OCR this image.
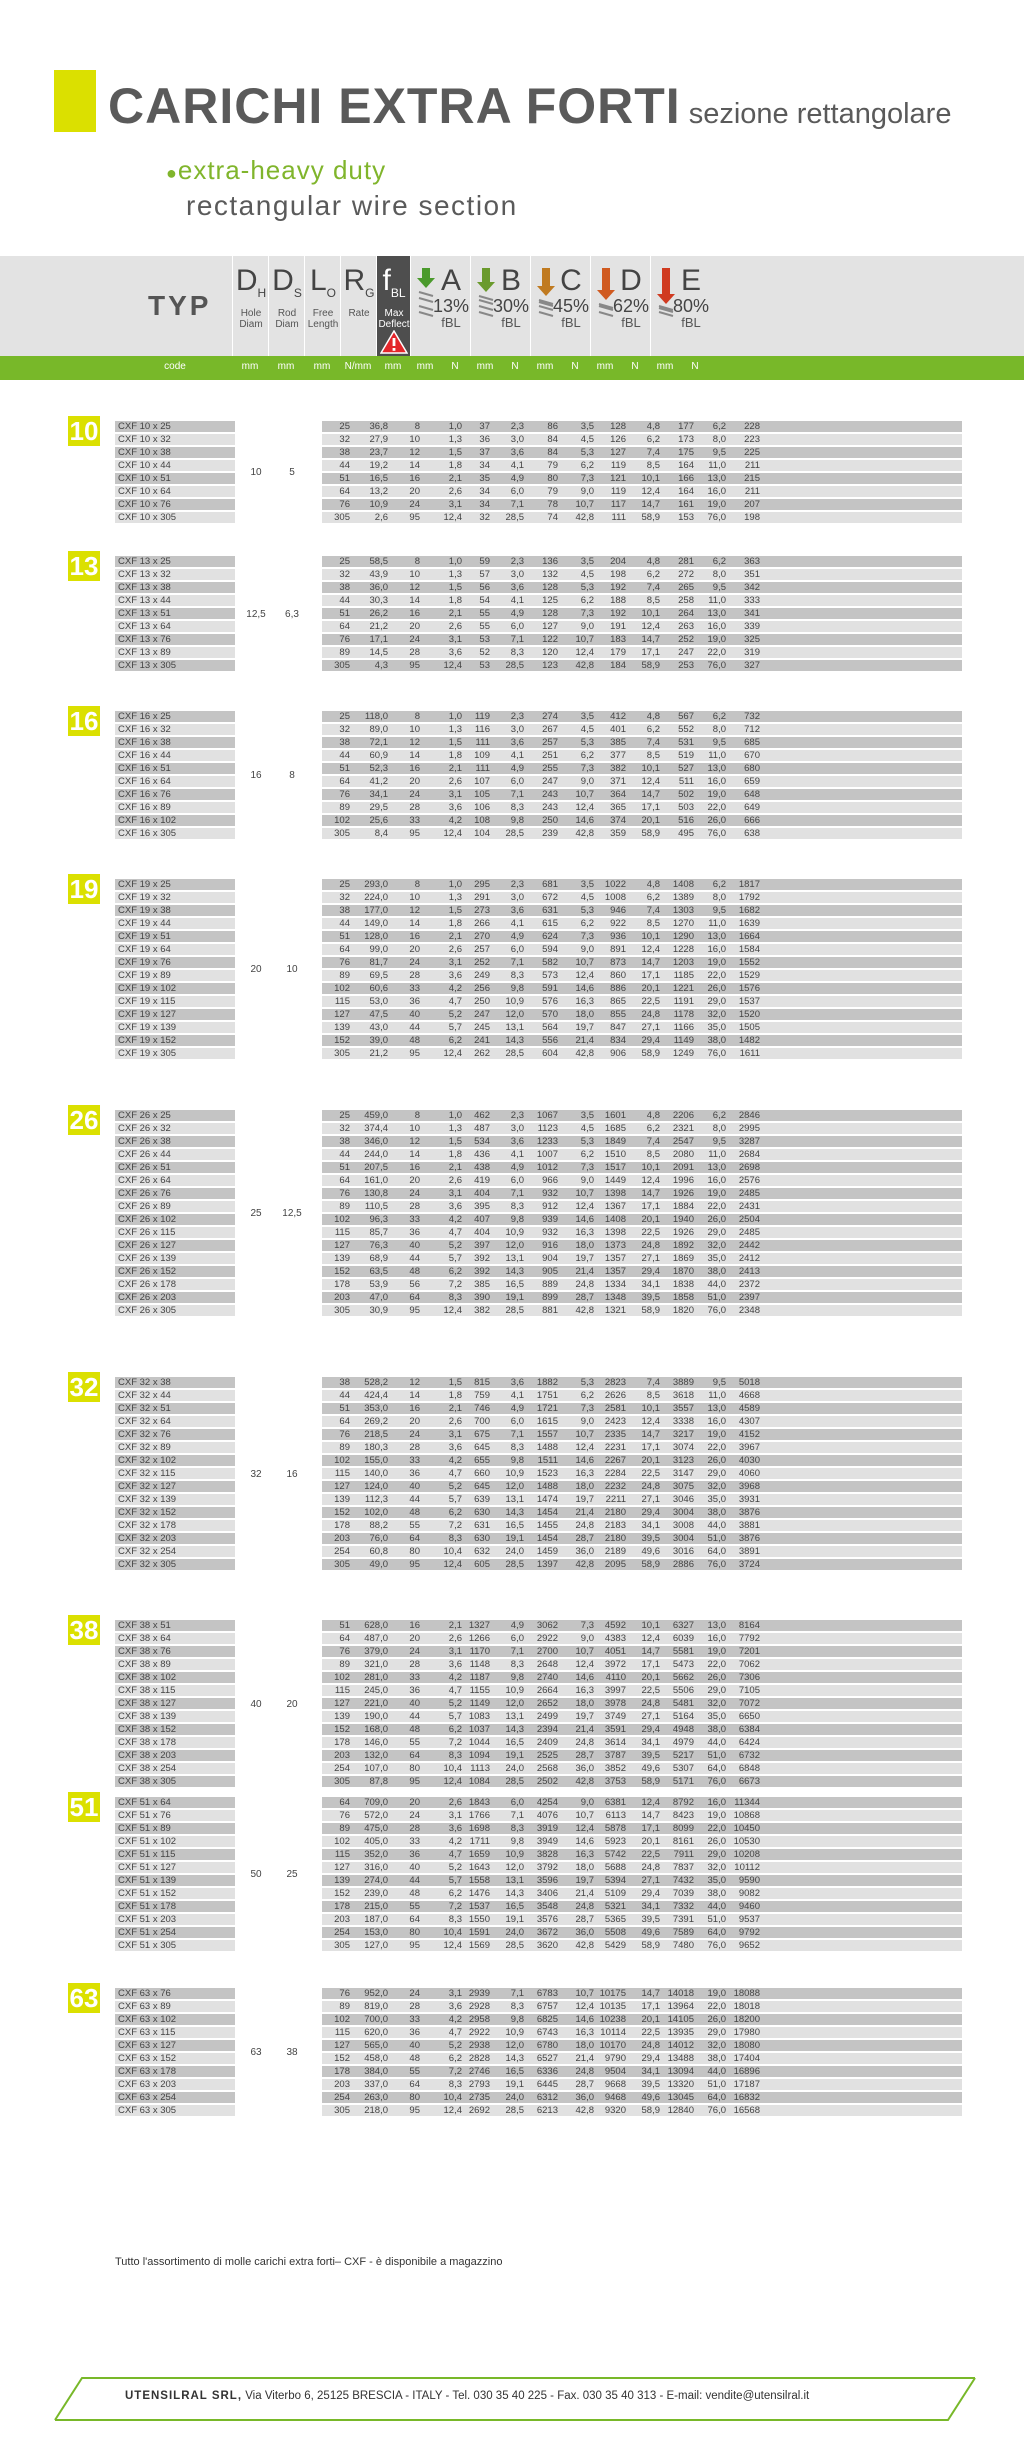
CARICHI EXTRA FORTI sezione rettangolare
●extra-heavy duty
rectangular wire section
TYP
$D_H$
Hole
Diam
$D_S$
Rod
Diam
$L_O$
Free
Length
$R_G$
Rate
$f_{BL}$
Max
Deflect
A
13%
fBL
B
30%
fBL
C
45%
fBL
D
62%
fBL
E
80%
fBL
code	mm	mm	mm	N/mm	mm	mm	N	mm	N	mm	N	mm	N	mm	N
10
10	5
CXF 10 x 25	25	36,8	8	1,0	37	2,3	86	3,5	128	4,8	177	6,2	228
CXF 10 x 32	32	27,9	10	1,3	36	3,0	84	4,5	126	6,2	173	8,0	223
CXF 10 x 38	38	23,7	12	1,5	37	3,6	84	5,3	127	7,4	175	9,5	225
CXF 10 x 44	44	19,2	14	1,8	34	4,1	79	6,2	119	8,5	164	11,0	211
CXF 10 x 51	51	16,5	16	2,1	35	4,9	80	7,3	121	10,1	166	13,0	215
CXF 10 x 64	64	13,2	20	2,6	34	6,0	79	9,0	119	12,4	164	16,0	211
CXF 10 x 76	76	10,9	24	3,1	34	7,1	78	10,7	117	14,7	161	19,0	207
CXF 10 x 305	305	2,6	95	12,4	32	28,5	74	42,8	111	58,9	153	76,0	198
13
12,5	6,3
CXF 13 x 25	25	58,5	8	1,0	59	2,3	136	3,5	204	4,8	281	6,2	363
CXF 13 x 32	32	43,9	10	1,3	57	3,0	132	4,5	198	6,2	272	8,0	351
CXF 13 x 38	38	36,0	12	1,5	56	3,6	128	5,3	192	7,4	265	9,5	342
CXF 13 x 44	44	30,3	14	1,8	54	4,1	125	6,2	188	8,5	258	11,0	333
CXF 13 x 51	51	26,2	16	2,1	55	4,9	128	7,3	192	10,1	264	13,0	341
CXF 13 x 64	64	21,2	20	2,6	55	6,0	127	9,0	191	12,4	263	16,0	339
CXF 13 x 76	76	17,1	24	3,1	53	7,1	122	10,7	183	14,7	252	19,0	325
CXF 13 x 89	89	14,5	28	3,6	52	8,3	120	12,4	179	17,1	247	22,0	319
CXF 13 x 305	305	4,3	95	12,4	53	28,5	123	42,8	184	58,9	253	76,0	327
16
16	8
CXF 16 x 25	25	118,0	8	1,0	119	2,3	274	3,5	412	4,8	567	6,2	732
CXF 16 x 32	32	89,0	10	1,3	116	3,0	267	4,5	401	6,2	552	8,0	712
CXF 16 x 38	38	72,1	12	1,5	111	3,6	257	5,3	385	7,4	531	9,5	685
CXF 16 x 44	44	60,9	14	1,8	109	4,1	251	6,2	377	8,5	519	11,0	670
CXF 16 x 51	51	52,3	16	2,1	111	4,9	255	7,3	382	10,1	527	13,0	680
CXF 16 x 64	64	41,2	20	2,6	107	6,0	247	9,0	371	12,4	511	16,0	659
CXF 16 x 76	76	34,1	24	3,1	105	7,1	243	10,7	364	14,7	502	19,0	648
CXF 16 x 89	89	29,5	28	3,6	106	8,3	243	12,4	365	17,1	503	22,0	649
CXF 16 x 102	102	25,6	33	4,2	108	9,8	250	14,6	374	20,1	516	26,0	666
CXF 16 x 305	305	8,4	95	12,4	104	28,5	239	42,8	359	58,9	495	76,0	638
19
20	10
CXF 19 x 25	25	293,0	8	1,0	295	2,3	681	3,5	1022	4,8	1408	6,2	1817
CXF 19 x 32	32	224,0	10	1,3	291	3,0	672	4,5	1008	6,2	1389	8,0	1792
CXF 19 x 38	38	177,0	12	1,5	273	3,6	631	5,3	946	7,4	1303	9,5	1682
CXF 19 x 44	44	149,0	14	1,8	266	4,1	615	6,2	922	8,5	1270	11,0	1639
CXF 19 x 51	51	128,0	16	2,1	270	4,9	624	7,3	936	10,1	1290	13,0	1664
CXF 19 x 64	64	99,0	20	2,6	257	6,0	594	9,0	891	12,4	1228	16,0	1584
CXF 19 x 76	76	81,7	24	3,1	252	7,1	582	10,7	873	14,7	1203	19,0	1552
CXF 19 x 89	89	69,5	28	3,6	249	8,3	573	12,4	860	17,1	1185	22,0	1529
CXF 19 x 102	102	60,6	33	4,2	256	9,8	591	14,6	886	20,1	1221	26,0	1576
CXF 19 x 115	115	53,0	36	4,7	250	10,9	576	16,3	865	22,5	1191	29,0	1537
CXF 19 x 127	127	47,5	40	5,2	247	12,0	570	18,0	855	24,8	1178	32,0	1520
CXF 19 x 139	139	43,0	44	5,7	245	13,1	564	19,7	847	27,1	1166	35,0	1505
CXF 19 x 152	152	39,0	48	6,2	241	14,3	556	21,4	834	29,4	1149	38,0	1482
CXF 19 x 305	305	21,2	95	12,4	262	28,5	604	42,8	906	58,9	1249	76,0	1611
26
25	12,5
CXF 26 x 25	25	459,0	8	1,0	462	2,3	1067	3,5	1601	4,8	2206	6,2	2846
CXF 26 x 32	32	374,4	10	1,3	487	3,0	1123	4,5	1685	6,2	2321	8,0	2995
CXF 26 x 38	38	346,0	12	1,5	534	3,6	1233	5,3	1849	7,4	2547	9,5	3287
CXF 26 x 44	44	244,0	14	1,8	436	4,1	1007	6,2	1510	8,5	2080	11,0	2684
CXF 26 x 51	51	207,5	16	2,1	438	4,9	1012	7,3	1517	10,1	2091	13,0	2698
CXF 26 x 64	64	161,0	20	2,6	419	6,0	966	9,0	1449	12,4	1996	16,0	2576
CXF 26 x 76	76	130,8	24	3,1	404	7,1	932	10,7	1398	14,7	1926	19,0	2485
CXF 26 x 89	89	110,5	28	3,6	395	8,3	912	12,4	1367	17,1	1884	22,0	2431
CXF 26 x 102	102	96,3	33	4,2	407	9,8	939	14,6	1408	20,1	1940	26,0	2504
CXF 26 x 115	115	85,7	36	4,7	404	10,9	932	16,3	1398	22,5	1926	29,0	2485
CXF 26 x 127	127	76,3	40	5,2	397	12,0	916	18,0	1373	24,8	1892	32,0	2442
CXF 26 x 139	139	68,9	44	5,7	392	13,1	904	19,7	1357	27,1	1869	35,0	2412
CXF 26 x 152	152	63,5	48	6,2	392	14,3	905	21,4	1357	29,4	1870	38,0	2413
CXF 26 x 178	178	53,9	56	7,2	385	16,5	889	24,8	1334	34,1	1838	44,0	2372
CXF 26 x 203	203	47,0	64	8,3	390	19,1	899	28,7	1348	39,5	1858	51,0	2397
CXF 26 x 305	305	30,9	95	12,4	382	28,5	881	42,8	1321	58,9	1820	76,0	2348
32
32	16
CXF 32 x 38	38	528,2	12	1,5	815	3,6	1882	5,3	2823	7,4	3889	9,5	5018
CXF 32 x 44	44	424,4	14	1,8	759	4,1	1751	6,2	2626	8,5	3618	11,0	4668
CXF 32 x 51	51	353,0	16	2,1	746	4,9	1721	7,3	2581	10,1	3557	13,0	4589
CXF 32 x 64	64	269,2	20	2,6	700	6,0	1615	9,0	2423	12,4	3338	16,0	4307
CXF 32 x 76	76	218,5	24	3,1	675	7,1	1557	10,7	2335	14,7	3217	19,0	4152
CXF 32 x 89	89	180,3	28	3,6	645	8,3	1488	12,4	2231	17,1	3074	22,0	3967
CXF 32 x 102	102	155,0	33	4,2	655	9,8	1511	14,6	2267	20,1	3123	26,0	4030
CXF 32 x 115	115	140,0	36	4,7	660	10,9	1523	16,3	2284	22,5	3147	29,0	4060
CXF 32 x 127	127	124,0	40	5,2	645	12,0	1488	18,0	2232	24,8	3075	32,0	3968
CXF 32 x 139	139	112,3	44	5,7	639	13,1	1474	19,7	2211	27,1	3046	35,0	3931
CXF 32 x 152	152	102,0	48	6,2	630	14,3	1454	21,4	2180	29,4	3004	38,0	3876
CXF 32 x 178	178	88,2	55	7,2	631	16,5	1455	24,8	2183	34,1	3008	44,0	3881
CXF 32 x 203	203	76,0	64	8,3	630	19,1	1454	28,7	2180	39,5	3004	51,0	3876
CXF 32 x 254	254	60,8	80	10,4	632	24,0	1459	36,0	2189	49,6	3016	64,0	3891
CXF 32 x 305	305	49,0	95	12,4	605	28,5	1397	42,8	2095	58,9	2886	76,0	3724
38
40	20
CXF 38 x 51	51	628,0	16	2,1 1327	4,9	3062	7,3	4592	10,1	6327	13,0	8164
CXF 38 x 64	64	487,0	20	2,6 1266	6,0	2922	9,0	4383	12,4	6039	16,0	7792
CXF 38 x 76	76	379,0	24	3,1 1170	7,1	2700	10,7	4051	14,7	5581	19,0	7201
CXF 38 x 89	89	321,0	28	3,6 1148	8,3	2648	12,4	3972	17,1	5473	22,0	7062
CXF 38 x 102	102	281,0	33	4,2 1187	9,8	2740	14,6	4110	20,1	5662	26,0	7306
CXF 38 x 115	115	245,0	36	4,7 1155	10,9	2664	16,3	3997	22,5	5506	29,0	7105
CXF 38 x 127	127	221,0	40	5,2 1149	12,0	2652	18,0	3978	24,8	5481	32,0	7072
CXF 38 x 139	139	190,0	44	5,7 1083	13,1	2499	19,7	3749	27,1	5164	35,0	6650
CXF 38 x 152	152	168,0	48	6,2 1037	14,3	2394	21,4	3591	29,4	4948	38,0	6384
CXF 38 x 178	178	146,0	55	7,2 1044	16,5	2409	24,8	3614	34,1	4979	44,0	6424
CXF 38 x 203	203	132,0	64	8,3 1094	19,1	2525	28,7	3787	39,5	5217	51,0	6732
CXF 38 x 254	254	107,0	80	10,4 1113	24,0	2568	36,0	3852	49,6	5307	64,0	6848
CXF 38 x 305	305	87,8	95	12,4 1084	28,5	2502	42,8	3753	58,9	5171	76,0	6673
51
50	25
CXF 51 x 64	64	709,0	20	2,6 1843	6,0	4254	9,0	6381	12,4	8792	16,0 11344
CXF 51 x 76	76	572,0	24	3,1 1766	7,1	4076	10,7	6113	14,7	8423	19,0 10868
CXF 51 x 89	89	475,0	28	3,6 1698	8,3	3919	12,4	5878	17,1	8099	22,0 10450
CXF 51 x 102	102	405,0	33	4,2 1711	9,8	3949	14,6	5923	20,1	8161	26,0 10530
CXF 51 x 115	115	352,0	36	4,7 1659	10,9	3828	16,3	5742	22,5	7911	29,0 10208
CXF 51 x 127	127	316,0	40	5,2 1643	12,0	3792	18,0	5688	24,8	7837	32,0 10112
CXF 51 x 139	139	274,0	44	5,7 1558	13,1	3596	19,7	5394	27,1	7432	35,0	9590
CXF 51 x 152	152	239,0	48	6,2 1476	14,3	3406	21,4	5109	29,4	7039	38,0	9082
CXF 51 x 178	178	215,0	55	7,2 1537	16,5	3548	24,8	5321	34,1	7332	44,0	9460
CXF 51 x 203	203	187,0	64	8,3 1550	19,1	3576	28,7	5365	39,5	7391	51,0	9537
CXF 51 x 254	254	153,0	80	10,4 1591	24,0	3672	36,0	5508	49,6	7589	64,0	9792
CXF 51 x 305	305	127,0	95	12,4 1569	28,5	3620	42,8	5429	58,9	7480	76,0	9652
63
63	38
CXF 63 x 76	76	952,0	24	3,1 2939	7,1	6783	10,7 10175	14,7 14018	19,0 18088
CXF 63 x 89	89	819,0	28	3,6 2928	8,3	6757	12,4 10135	17,1 13964	22,0 18018
CXF 63 x 102	102	700,0	33	4,2 2958	9,8	6825	14,6 10238	20,1 14105	26,0 18200
CXF 63 x 115	115	620,0	36	4,7 2922	10,9	6743	16,3 10114	22,5 13935	29,0 17980
CXF 63 x 127	127	565,0	40	5,2 2938	12,0	6780	18,0 10170	24,8 14012	32,0 18080
CXF 63 x 152	152	458,0	48	6,2 2828	14,3	6527	21,4	9790	29,4 13488	38,0 17404
CXF 63 x 178	178	384,0	55	7,2 2746	16,5	6336	24,8	9504	34,1 13094	44,0 16896
CXF 63 x 203	203	337,0	64	8,3 2793	19,1	6445	28,7	9668	39,5 13320	51,0 17187
CXF 63 x 254	254	263,0	80	10,4 2735	24,0	6312	36,0	9468	49,6 13045	64,0 16832
CXF 63 x 305	305	218,0	95	12,4 2692	28,5	6213	42,8	9320	58,9 12840	76,0 16568
Tutto l'assortimento di molle carichi extra forti– CXF - è disponibile a magazzino
UTENSILRAL SRL, Via Viterbo 6, 25125 BRESCIA - ITALY - Tel. 030 35 40 225 - Fax. 030 35 40 313 - E-mail: vendite@utensilral.it
